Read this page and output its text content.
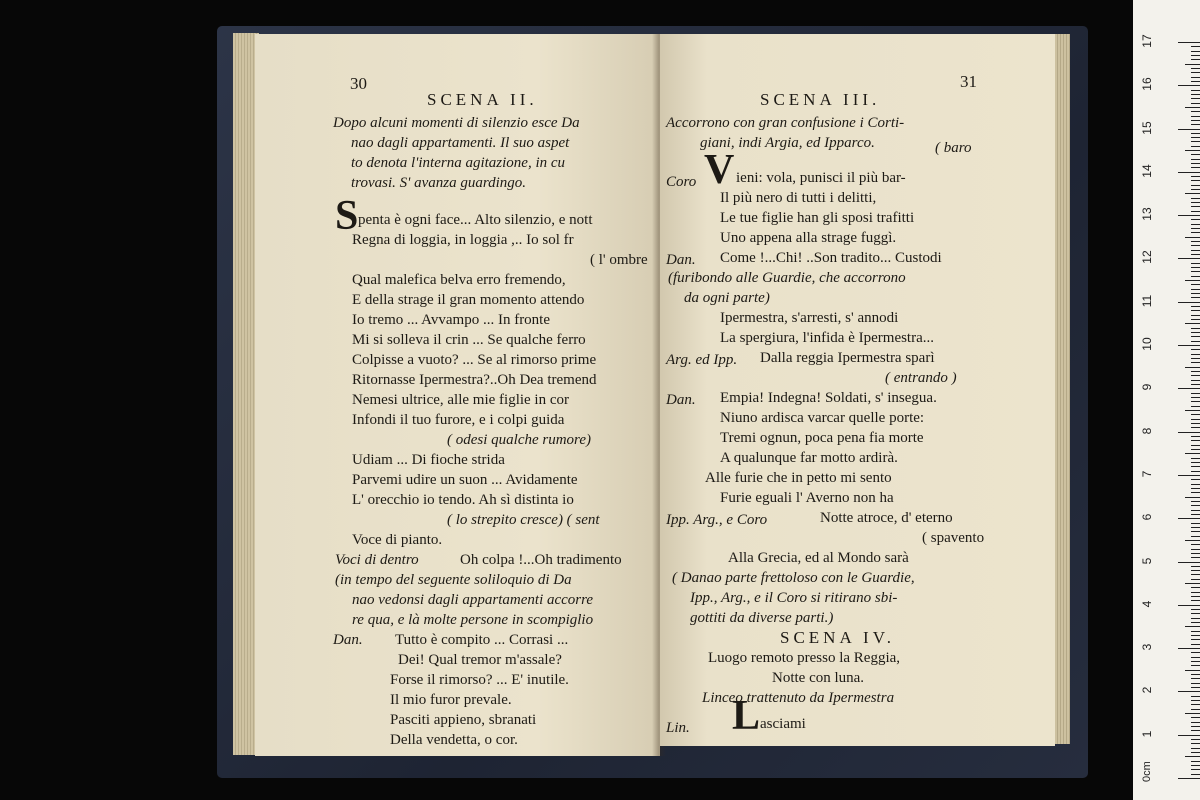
30
SCENA II.
Dopo alcuni momenti di silenzio esce Da
nao dagli appartamenti. Il suo aspet
to denota l'interna agitazione, in cu
trovasi. S' avanza guardingo.
S penta è ogni face... Alto silenzio, e nott
Regna di loggia, in loggia ,.. Io sol fr
( l' ombre
Qual malefica belva erro fremendo,
E della strage il gran momento attendo
Io tremo ... Avvampo ... In fronte
Mi si solleva il crin ... Se qualche ferro
Colpisse a vuoto? ... Se al rimorso prime
Ritornasse Ipermestra?..Oh Dea tremend
Nemesi ultrice, alle mie figlie in cor
Infondi il tuo furore, e i colpi guida
( odesi qualche rumore)
Udiam ... Di fioche strida
Parvemi udire un suon ... Avidamente
L' orecchio io tendo. Ah sì distinta io
( lo strepito cresce) ( sent
Voce di pianto.
Voci di dentro	Oh colpa !...Oh tradimento
(in tempo del seguente soliloquio di Da
nao vedonsi dagli appartamenti accorre
re qua, e là molte persone in scompiglio
Dan. Tutto è compito ... Corrasi ...
Dei! Qual tremor m'assale?
Forse il rimorso? ... E' inutile.
Il mio furor prevale.
Pasciti appieno, sbranati
Della vendetta, o cor.
31
SCENA III.
Accorrono con gran confusione i Corti-
giani, indi Argia, ed Ipparco.	( baro
Coro V ieni: vola, punisci il più bar-
Il più nero di tutti i delitti,
Le tue figlie han gli sposi trafitti
Uno appena alla strage fuggì.
Dan. Come !...Chi! ..Son tradito... Custodi
(furibondo alle Guardie, che accorrono
da ogni parte)
Ipermestra, s'arresti, s' annodi
La spergiura, l'infida è Ipermestra...
Arg. ed Ipp. Dalla reggia Ipermestra sparì
( entrando )
Dan. Empia! Indegna! Soldati, s' insegua.
Niuno ardisca varcar quelle porte:
Tremi ognun, poca pena fia morte
A qualunque far motto ardirà.
Alle furie che in petto mi sento
Furie eguali l' Averno non ha
Ipp. Arg., e Coro	Notte atroce, d' eterno
( spavento
Alla Grecia, ed al Mondo sarà
( Danao parte frettoloso con le Guardie,
Ipp., Arg., e il Coro si ritirano sbi-
gottiti da diverse parti.)
SCENA IV.
Luogo remoto presso la Reggia,
Notte con luna.
Linceo trattenuto da Ipermestra
Lin. L asciami
0cm
1
2
3
4
5
6
7
8
9
10
11
12
13
14
15
16
17
